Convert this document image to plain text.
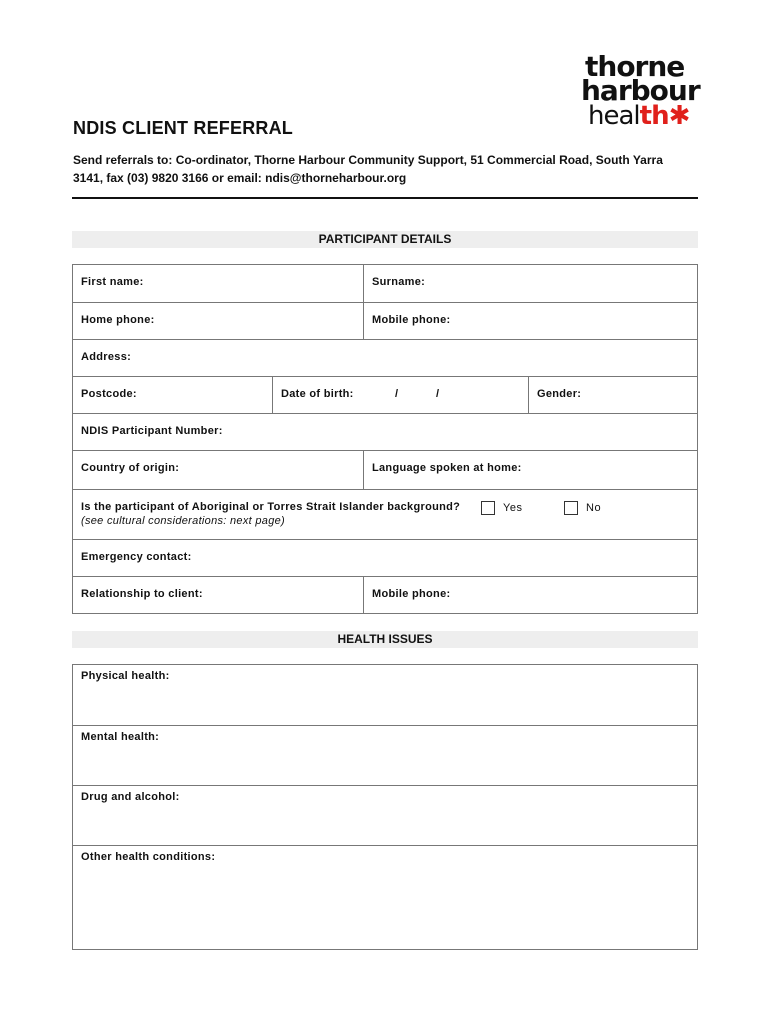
thorne
harbour
health✱
NDIS CLIENT REFERRAL
Send referrals to: Co-ordinator, Thorne Harbour Community Support, 51 Commercial Road, South Yarra 3141, fax (03) 9820 3166 or email: ndis@thorneharbour.org
PARTICIPANT DETAILS
First name:	Surname:
Home phone:	Mobile phone:
Address:
Postcode:	Date of birth:	/	/	Gender:
NDIS Participant Number:
Country of origin:	Language spoken at home:
Is the participant of Aboriginal or Torres Strait Islander background?
(see cultural considerations: next page)
Yes	No
Emergency contact:
Relationship to client:	Mobile phone:
HEALTH ISSUES
Physical health:
Mental health:
Drug and alcohol:
Other health conditions:
